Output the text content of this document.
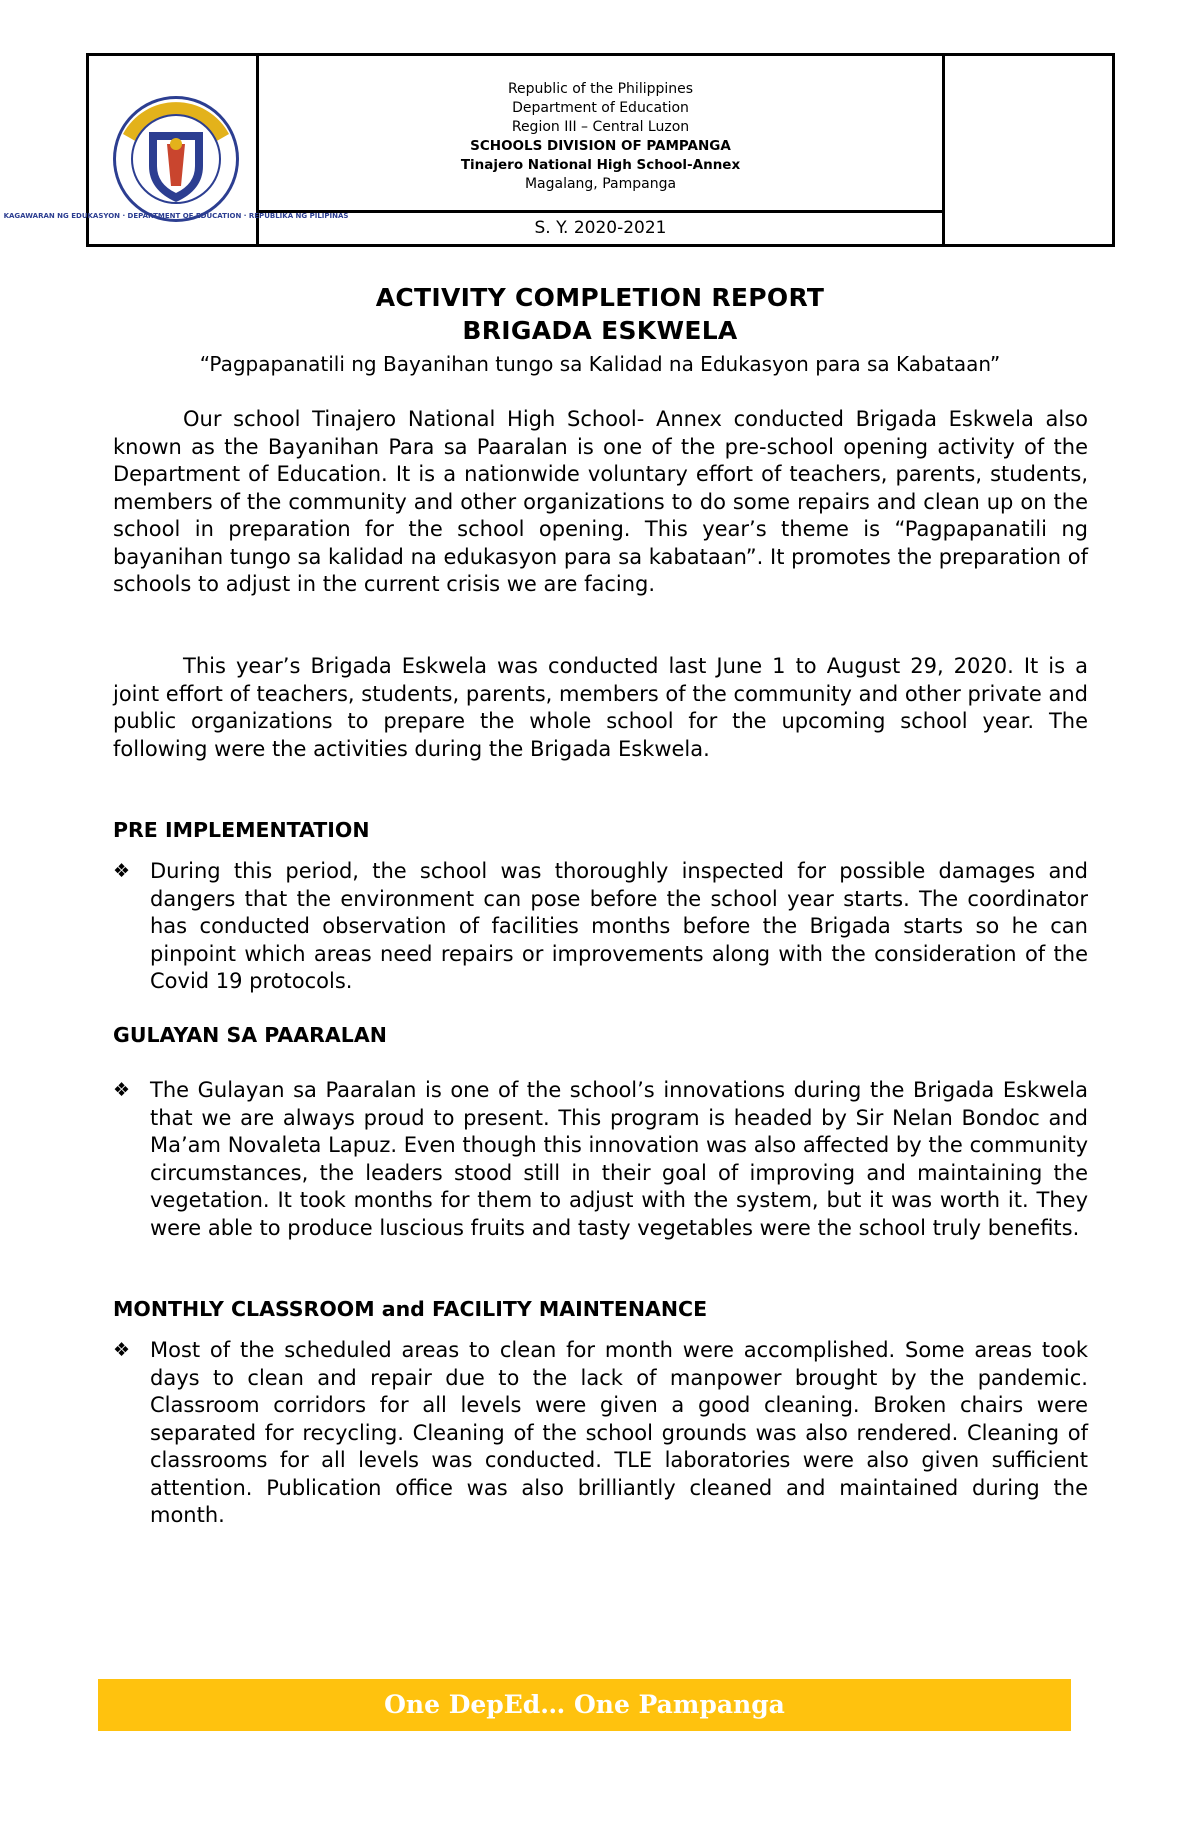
KAGAWARAN NG EDUKASYON · DEPARTMENT OF EDUCATION · REPUBLIKA NG PILIPINAS
Republic of the Philippines
Department of Education
Region III – Central Luzon
SCHOOLS DIVISION OF PAMPANGA
Tinajero National High School-Annex
Magalang, Pampanga
S. Y. 2020-2021
ACTIVITY COMPLETION REPORT
BRIGADA ESKWELA
“Pagpapanatili ng Bayanihan tungo sa Kalidad na Edukasyon para sa Kabataan”
Our school Tinajero National High School- Annex conducted Brigada Eskwela also known as the Bayanihan Para sa Paaralan is one of the pre-school opening activity of the Department of Education. It is a nationwide voluntary effort of teachers, parents, students, members of the community and other organizations to do some repairs and clean up on the school in preparation for the school opening. This year’s theme is “Pagpapanatili ng bayanihan tungo sa kalidad na edukasyon para sa kabataan”. It promotes the preparation of schools to adjust in the current crisis we are facing.
This year’s Brigada Eskwela was conducted last June 1 to August 29, 2020. It is a joint effort of teachers, students, parents, members of the community and other private and public organizations to prepare the whole school for the upcoming school year. The following were the activities during the Brigada Eskwela.
PRE IMPLEMENTATION
❖ During this period, the school was thoroughly inspected for possible damages and dangers that the environment can pose before the school year starts. The coordinator has conducted observation of facilities months before the Brigada starts so he can pinpoint which areas need repairs or improvements along with the consideration of the Covid 19 protocols.
GULAYAN SA PAARALAN
❖ The Gulayan sa Paaralan is one of the school’s innovations during the Brigada Eskwela that we are always proud to present. This program is headed by Sir Nelan Bondoc and Ma’am Novaleta Lapuz. Even though this innovation was also affected by the community circumstances, the leaders stood still in their goal of improving and maintaining the vegetation. It took months for them to adjust with the system, but it was worth it. They were able to produce luscious fruits and tasty vegetables were the school truly benefits.
MONTHLY CLASSROOM and FACILITY MAINTENANCE
❖ Most of the scheduled areas to clean for month were accomplished. Some areas took days to clean and repair due to the lack of manpower brought by the pandemic. Classroom corridors for all levels were given a good cleaning. Broken chairs were separated for recycling. Cleaning of the school grounds was also rendered. Cleaning of classrooms for all levels was conducted. TLE laboratories were also given sufficient attention. Publication office was also brilliantly cleaned and maintained during the month.
One DepEd… One Pampanga
